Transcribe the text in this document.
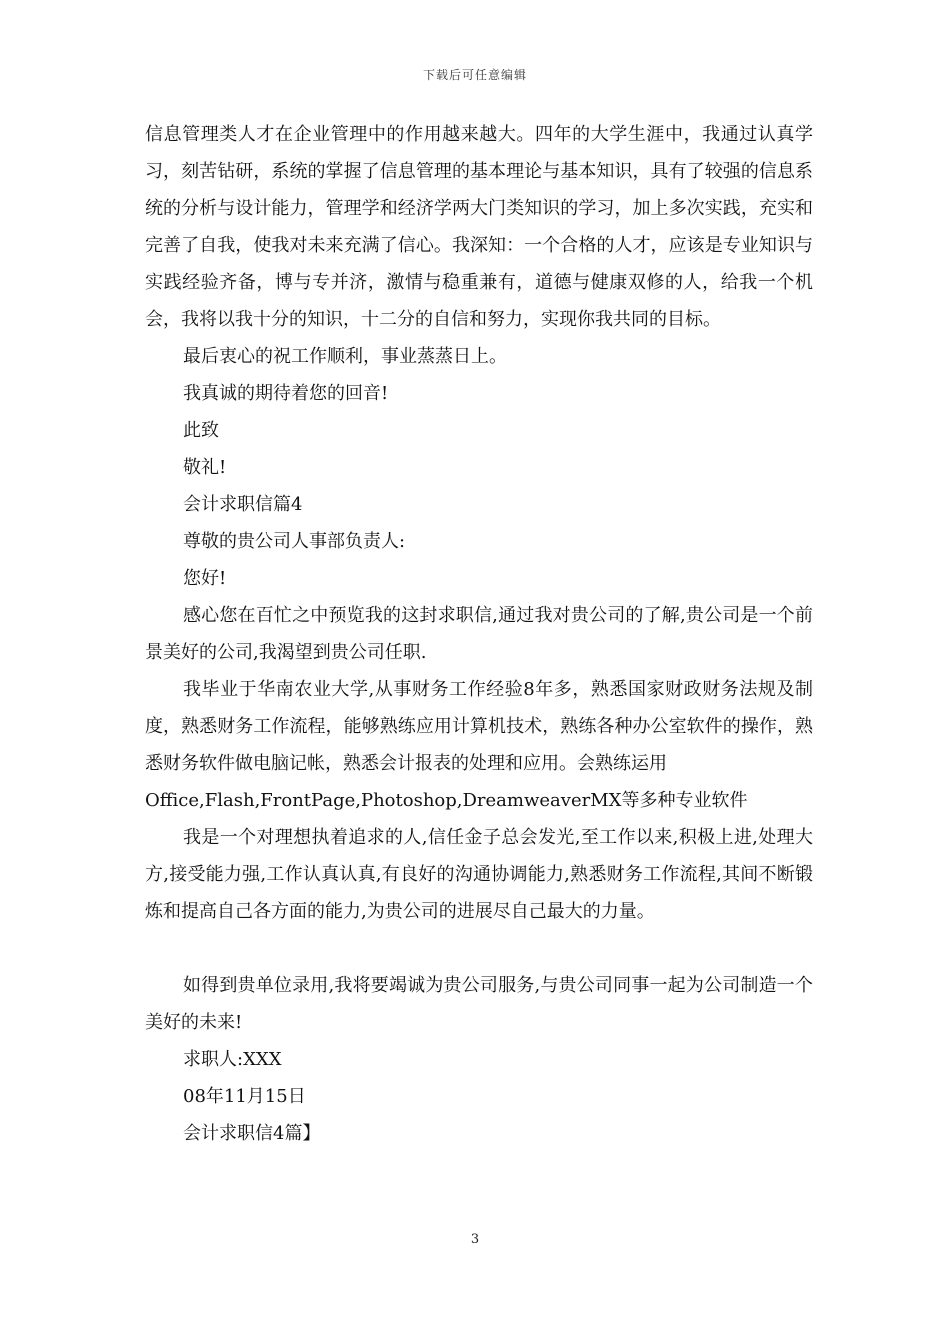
下载后可任意编辑

信息管理类人才在企业管理中的作用越来越大。四年的大学生涯中，我通过认真学习，刻苦钻研，系统的掌握了信息管理的基本理论与基本知识，具有了较强的信息系统的分析与设计能力，管理学和经济学两大门类知识的学习，加上多次实践，充实和完善了自我，使我对未来充满了信心。我深知：一个合格的人才，应该是专业知识与实践经验齐备，博与专并济，激情与稳重兼有，道德与健康双修的人，给我一个机会，我将以我十分的知识，十二分的自信和努力，实现你我共同的目标。

最后衷心的祝工作顺利，事业蒸蒸日上。

我真诚的期待着您的回音!

此致

敬礼!

会计求职信篇4

尊敬的贵公司人事部负责人:

您好!

感心您在百忙之中预览我的这封求职信,通过我对贵公司的了解,贵公司是一个前景美好的公司,我渴望到贵公司任职.

我毕业于华南农业大学,从事财务工作经验8年多，熟悉国家财政财务法规及制度，熟悉财务工作流程，能够熟练应用计算机技术，熟练各种办公室软件的操作，熟悉财务软件做电脑记帐，熟悉会计报表的处理和应用。会熟练运用

Office,Flash,FrontPage,Photoshop,DreamweaverMX等多种专业软件

我是一个对理想执着追求的人,信任金子总会发光,至工作以来,积极上进,处理大方,接受能力强,工作认真认真,有良好的沟通协调能力,熟悉财务工作流程,其间不断锻炼和提高自己各方面的能力,为贵公司的进展尽自己最大的力量。

如得到贵单位录用,我将要竭诚为贵公司服务,与贵公司同事一起为公司制造一个美好的未来!

求职人:XXX

08年11月15日

会计求职信4篇】

3
